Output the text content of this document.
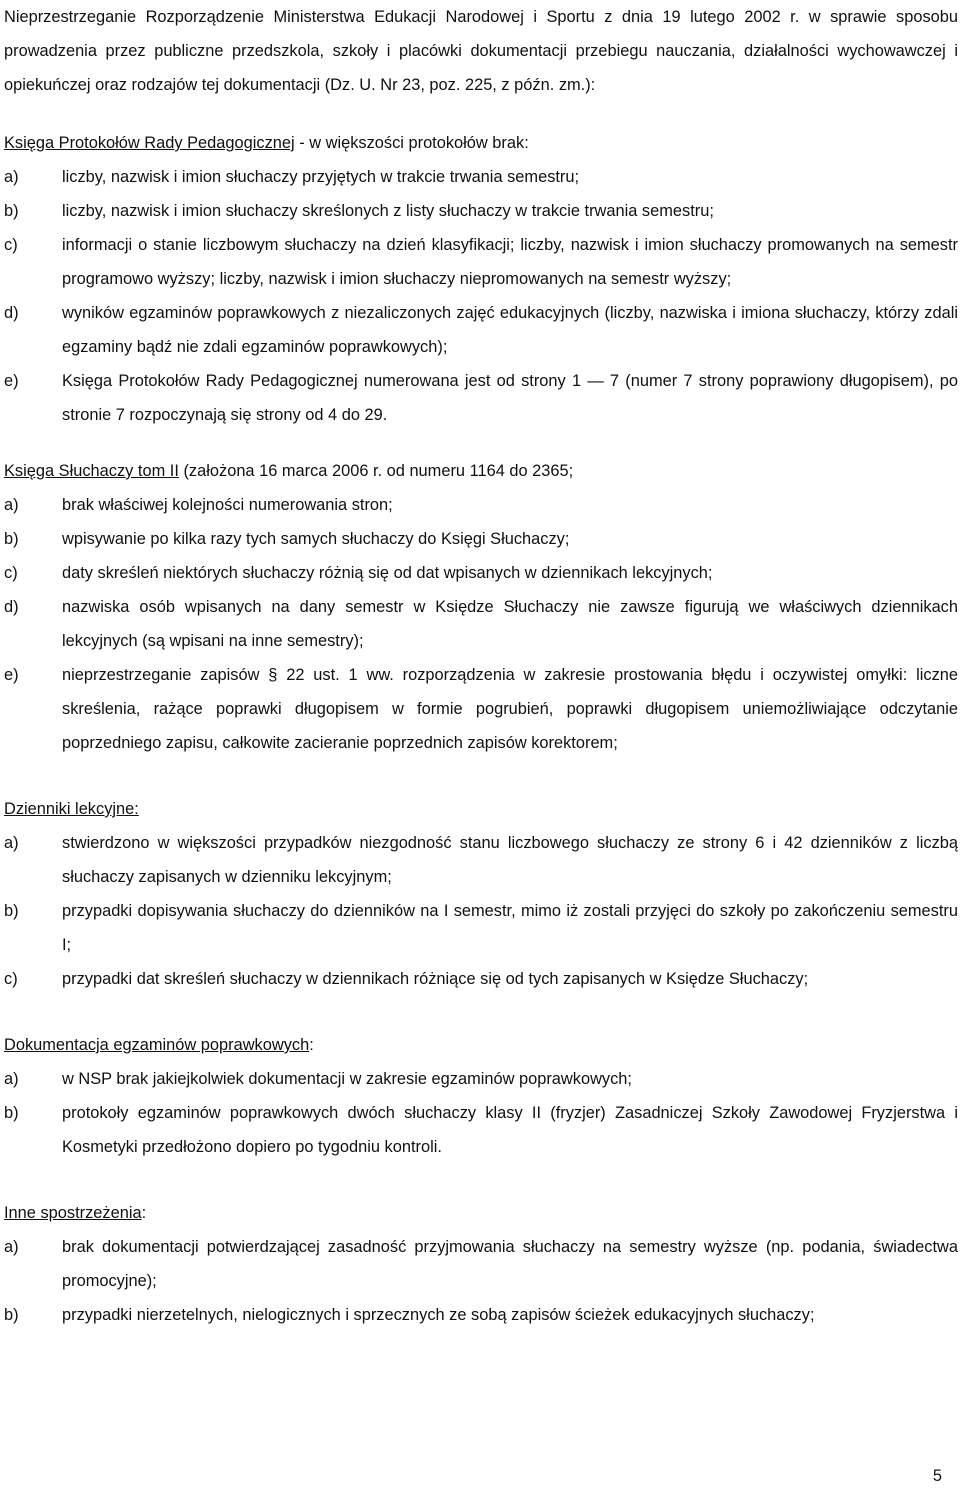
Nieprzestrzeganie Rozporządzenie Ministerstwa Edukacji Narodowej i Sportu z dnia 19 lutego 2002 r. w sprawie sposobu prowadzenia przez publiczne przedszkola, szkoły i placówki dokumentacji przebiegu nauczania, działalności wychowawczej i opiekuńczej oraz rodzajów tej dokumentacji (Dz. U. Nr 23, poz. 225, z późn. zm.):

Księga Protokołów Rady Pedagogicznej - w większości protokołów brak:

a)	liczby, nazwisk i imion słuchaczy przyjętych w trakcie trwania semestru;
b)	liczby, nazwisk i imion słuchaczy skreślonych z listy słuchaczy w trakcie trwania semestru;
c)	informacji o stanie liczbowym słuchaczy na dzień klasyfikacji; liczby, nazwisk i imion słuchaczy promowanych na semestr programowo wyższy; liczby, nazwisk i imion słuchaczy niepromowanych na semestr wyższy;
d)	wyników egzaminów poprawkowych z niezaliczonych zajęć edukacyjnych (liczby, nazwiska i imiona słuchaczy, którzy zdali egzaminy bądź nie zdali egzaminów poprawkowych);
e)	Księga Protokołów Rady Pedagogicznej numerowana jest od strony 1 — 7 (numer 7 strony poprawiony długopisem), po stronie 7 rozpoczynają się strony od 4 do 29.

Księga Słuchaczy tom II (założona 16 marca 2006 r. od numeru 1164 do 2365;

a)	brak właściwej kolejności numerowania stron;
b)	wpisywanie po kilka razy tych samych słuchaczy do Księgi Słuchaczy;
c)	daty skreśleń niektórych słuchaczy różnią się od dat wpisanych w dziennikach lekcyjnych;
d)	nazwiska osób wpisanych na dany semestr w Księdze Słuchaczy nie zawsze figurują we właściwych dziennikach lekcyjnych (są wpisani na inne semestry);
e)	nieprzestrzeganie zapisów § 22 ust. 1 ww. rozporządzenia w zakresie prostowania błędu i oczywistej omyłki: liczne skreślenia, rażące poprawki długopisem w formie pogrubień, poprawki długopisem uniemożliwiające odczytanie poprzedniego zapisu, całkowite zacieranie poprzednich zapisów korektorem;

Dzienniki lekcyjne:

a)	stwierdzono w większości przypadków niezgodność stanu liczbowego słuchaczy ze strony 6 i 42 dzienników z liczbą słuchaczy zapisanych w dzienniku lekcyjnym;
b)	przypadki dopisywania słuchaczy do dzienników na I semestr, mimo iż zostali przyjęci do szkoły po zakończeniu semestru I;
c)	przypadki dat skreśleń słuchaczy w dziennikach różniące się od tych zapisanych w Księdze Słuchaczy;

Dokumentacja egzaminów poprawkowych:

a)	w NSP brak jakiejkolwiek dokumentacji w zakresie egzaminów poprawkowych;
b)	protokoły egzaminów poprawkowych dwóch słuchaczy klasy II (fryzjer) Zasadniczej Szkoły Zawodowej Fryzjerstwa i Kosmetyki przedłożono dopiero po tygodniu kontroli.

Inne spostrzeżenia:

a)	brak dokumentacji potwierdzającej zasadność przyjmowania słuchaczy na semestry wyższe (np. podania, świadectwa promocyjne);
b)	przypadki nierzetelnych, nielogicznych i sprzecznych ze sobą zapisów ścieżek edukacyjnych słuchaczy;
5
